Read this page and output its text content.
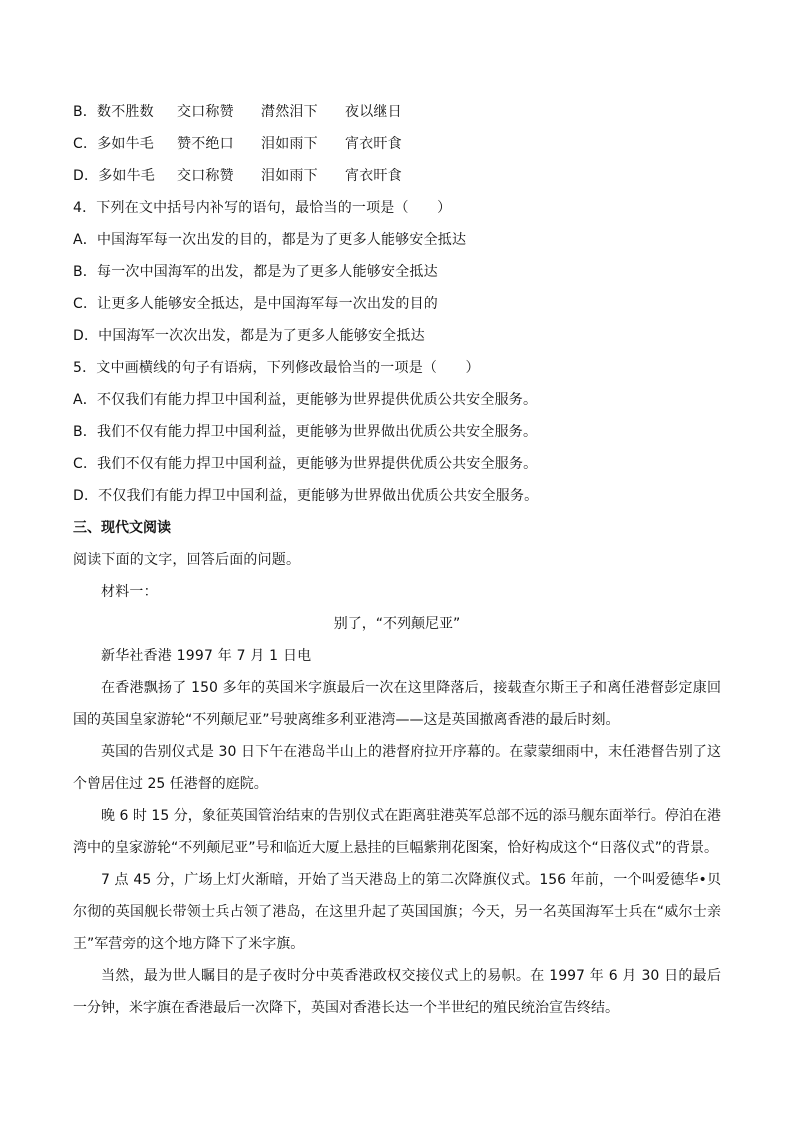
B．数不胜数 交口称赞 潸然泪下 夜以继日
C．多如牛毛 赞不绝口 泪如雨下 宵衣旰食
D．多如牛毛 交口称赞 泪如雨下 宵衣旰食
4．下列在文中括号内补写的语句，最恰当的一项是（　　）
A．中国海军每一次出发的目的，都是为了更多人能够安全抵达
B．每一次中国海军的出发，都是为了更多人能够安全抵达
C．让更多人能够安全抵达，是中国海军每一次出发的目的
D．中国海军一次次出发，都是为了更多人能够安全抵达
5．文中画横线的句子有语病，下列修改最恰当的一项是（　　）
A．不仅我们有能力捍卫中国利益，更能够为世界提供优质公共安全服务。
B．我们不仅有能力捍卫中国利益，更能够为世界做出优质公共安全服务。
C．我们不仅有能力捍卫中国利益，更能够为世界提供优质公共安全服务。
D．不仅我们有能力捍卫中国利益，更能够为世界做出优质公共安全服务。
三、现代文阅读
阅读下面的文字，回答后面的问题。
材料一：
别了，“不列颠尼亚”
新华社香港 1997 年 7 月 1 日电
在香港飘扬了 150 多年的英国米字旗最后一次在这里降落后，接载查尔斯王子和离任港督彭定康回国的英国皇家游轮“不列颠尼亚”号驶离维多利亚港湾——这是英国撤离香港的最后时刻。
英国的告别仪式是 30 日下午在港岛半山上的港督府拉开序幕的。在蒙蒙细雨中，末任港督告别了这个曾居住过 25 任港督的庭院。
晚 6 时 15 分，象征英国管治结束的告别仪式在距离驻港英军总部不远的添马舰东面举行。停泊在港湾中的皇家游轮“不列颠尼亚”号和临近大厦上悬挂的巨幅紫荆花图案，恰好构成这个“日落仪式”的背景。
7 点 45 分，广场上灯火渐暗，开始了当天港岛上的第二次降旗仪式。156 年前，一个叫爱德华•贝尔彻的英国舰长带领士兵占领了港岛，在这里升起了英国国旗；今天，另一名英国海军士兵在“威尔士亲王”军营旁的这个地方降下了米字旗。
当然，最为世人瞩目的是子夜时分中英香港政权交接仪式上的易帜。在 1997 年 6 月 30 日的最后一分钟，米字旗在香港最后一次降下，英国对香港长达一个半世纪的殖民统治宣告终结。
